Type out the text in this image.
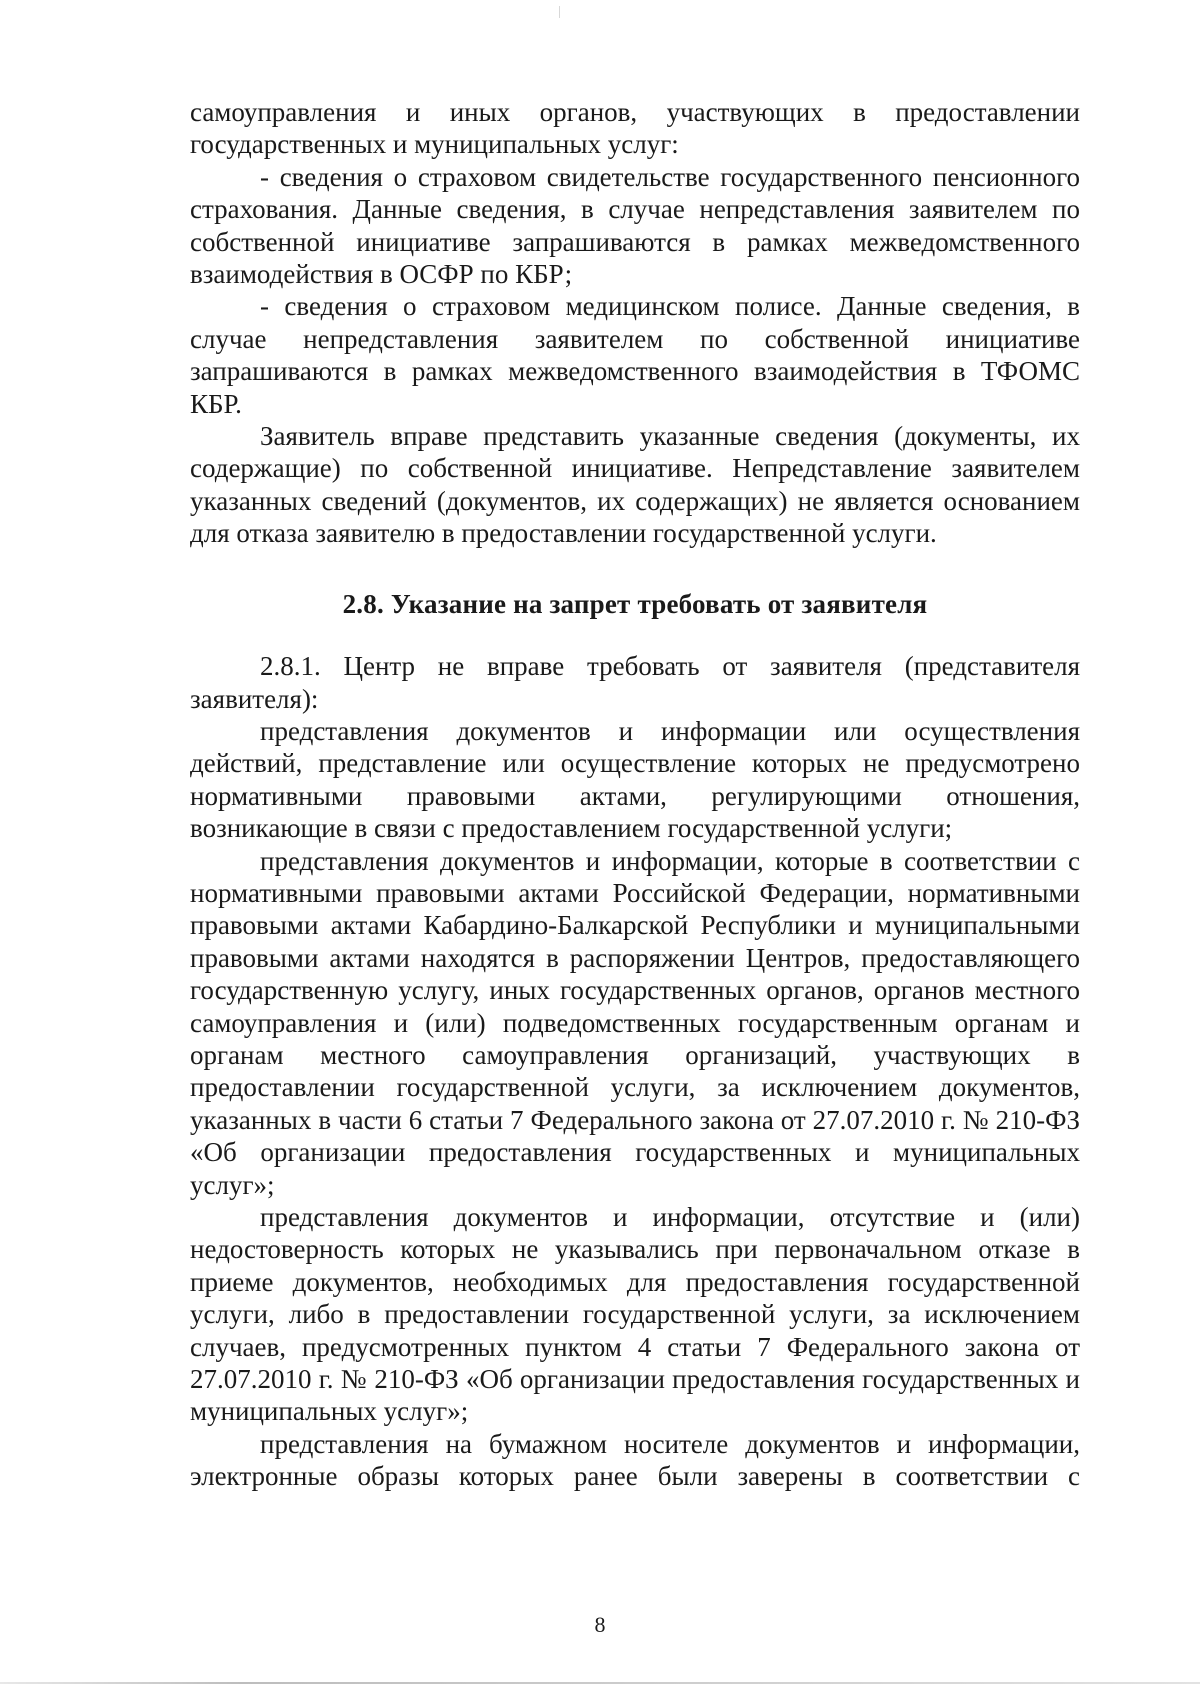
самоуправления и иных органов, участвующих в предоставлении государственных и муниципальных услуг:

- сведения о страховом свидетельстве государственного пенсионного страхования. Данные сведения, в случае непредставления заявителем по собственной инициативе запрашиваются в рамках межведомственного взаимодействия в ОСФР по КБР;

- сведения о страховом медицинском полисе. Данные сведения, в случае непредставления заявителем по собственной инициативе запрашиваются в рамках межведомственного взаимодействия в ТФОМС КБР.

Заявитель вправе представить указанные сведения (документы, их содержащие) по собственной инициативе. Непредставление заявителем указанных сведений (документов, их содержащих) не является основанием для отказа заявителю в предоставлении государственной услуги.

2.8. Указание на запрет требовать от заявителя

2.8.1. Центр не вправе требовать от заявителя (представителя заявителя):

представления документов и информации или осуществления действий, представление или осуществление которых не предусмотрено нормативными правовыми актами, регулирующими отношения, возникающие в связи с предоставлением государственной услуги;

представления документов и информации, которые в соответствии с нормативными правовыми актами Российской Федерации, нормативными правовыми актами Кабардино-Балкарской Республики и муниципальными правовыми актами находятся в распоряжении Центров, предоставляющего государственную услугу, иных государственных органов, органов местного самоуправления и (или) подведомственных государственным органам и органам местного самоуправления организаций, участвующих в предоставлении государственной услуги, за исключением документов, указанных в части 6 статьи 7 Федерального закона от 27.07.2010 г. № 210-ФЗ «Об организации предоставления государственных и муниципальных услуг»;

представления документов и информации, отсутствие и (или) недостоверность которых не указывались при первоначальном отказе в приеме документов, необходимых для предоставления государственной услуги, либо в предоставлении государственной услуги, за исключением случаев, предусмотренных пунктом 4 статьи 7 Федерального закона от 27.07.2010 г. № 210-ФЗ «Об организации предоставления государственных и муниципальных услуг»;

представления на бумажном носителе документов и информации, электронные образы которых ранее были заверены в соответствии с

8
